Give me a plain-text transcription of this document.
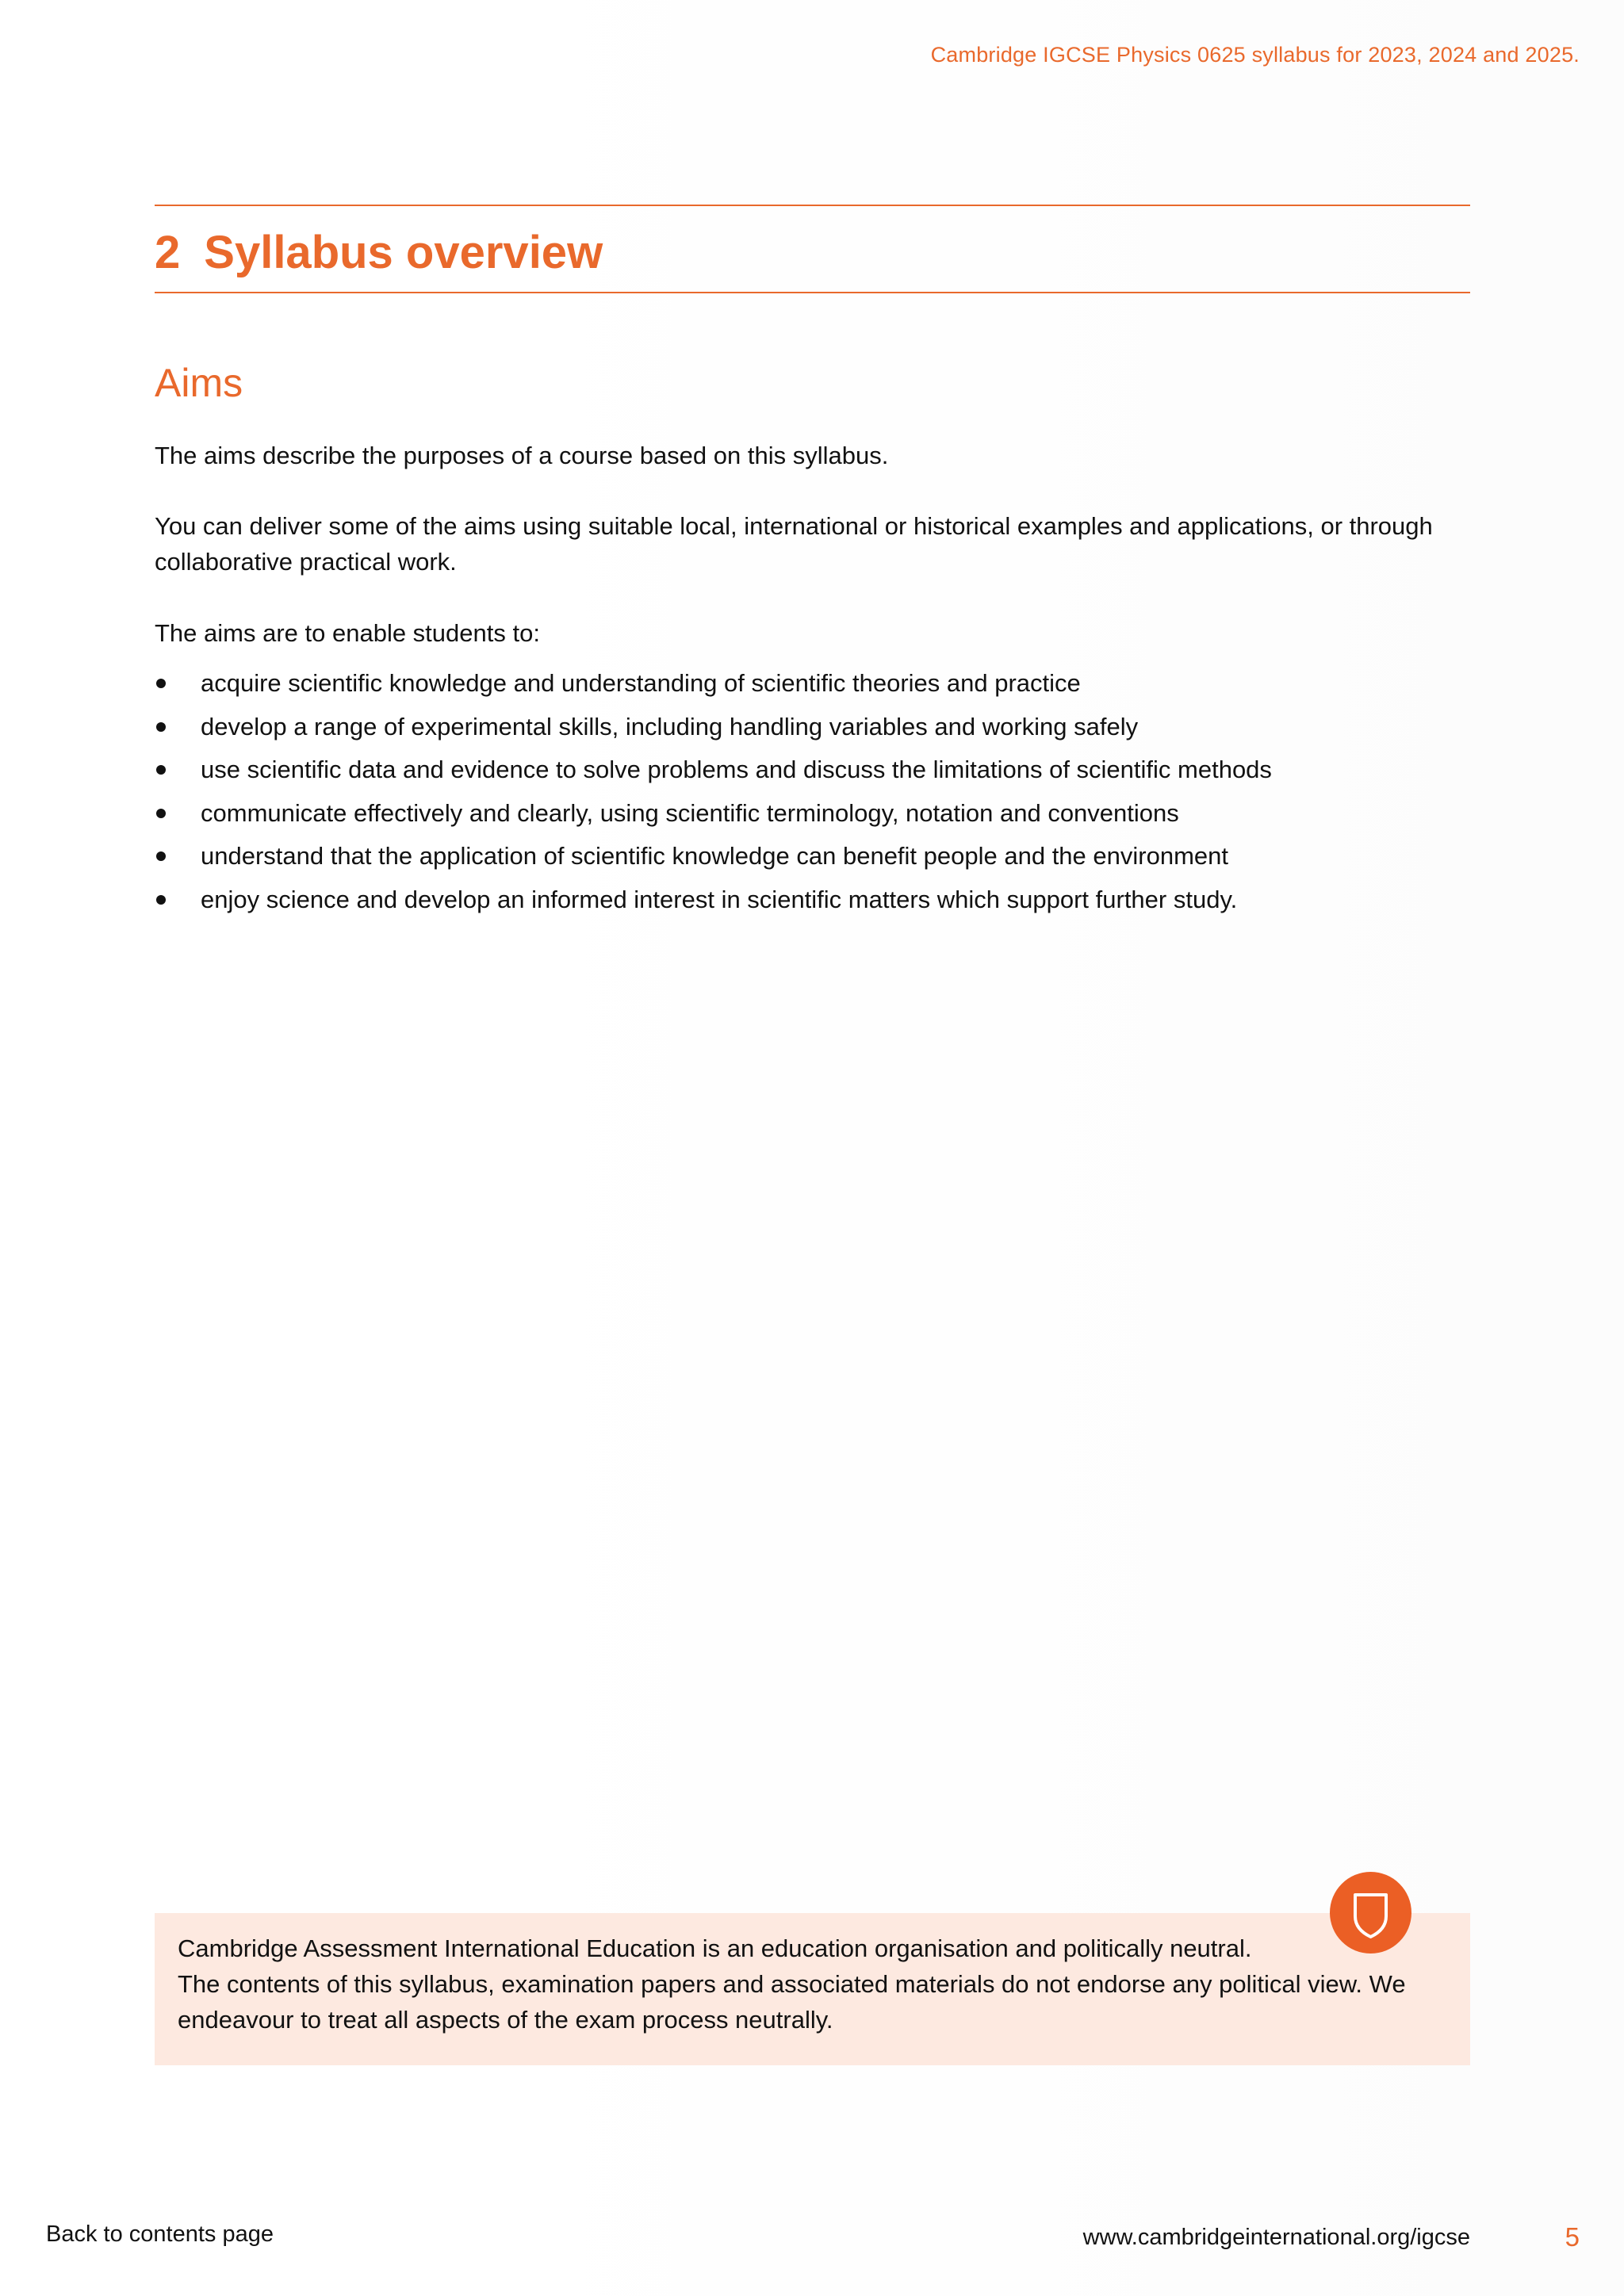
Cambridge IGCSE Physics 0625 syllabus for 2023, 2024 and 2025.
2 Syllabus overview
Aims

The aims describe the purposes of a course based on this syllabus.

You can deliver some of the aims using suitable local, international or historical examples and applications, or through collaborative practical work.

The aims are to enable students to:

acquire scientific knowledge and understanding of scientific theories and practice
develop a range of experimental skills, including handling variables and working safely
use scientific data and evidence to solve problems and discuss the limitations of scientific methods
communicate effectively and clearly, using scientific terminology, notation and conventions
understand that the application of scientific knowledge can benefit people and the environment
enjoy science and develop an informed interest in scientific matters which support further study.

Cambridge Assessment International Education is an education organisation and politically neutral.
The contents of this syllabus, examination papers and associated materials do not endorse any political view. We endeavour to treat all aspects of the exam process neutrally.

Back to contents page	www.cambridgeinternational.org/igcse	5
